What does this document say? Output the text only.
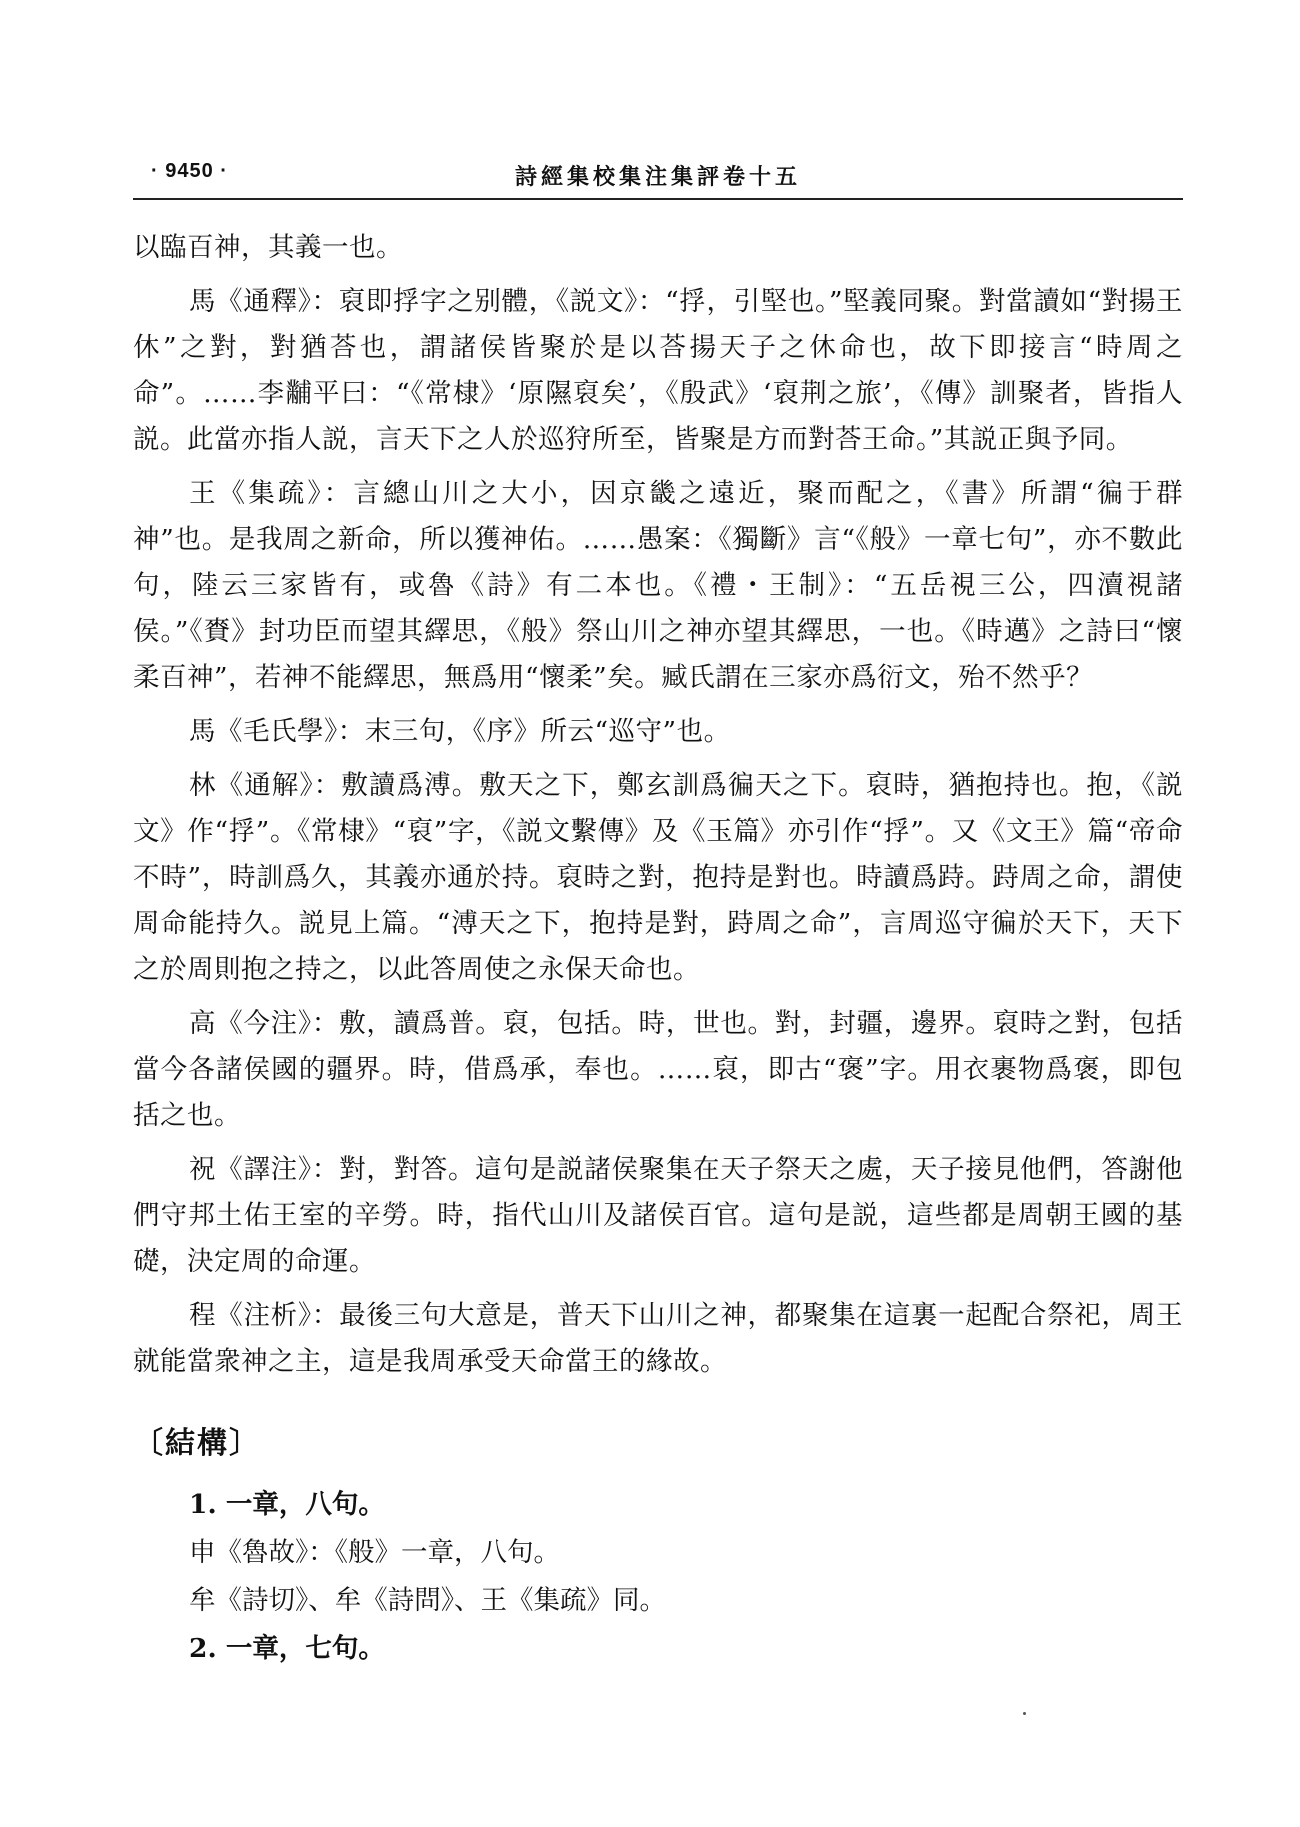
· 9450 ·	詩經集校集注集評卷十五

以臨百神，其義一也。

馬《通釋》：裒即捊字之别體，《説文》：“捊，引堅也。”堅義同聚。對當讀如“對揚王休”之對，對猶荅也，謂諸侯皆聚於是以荅揚天子之休命也，故下即接言“時周之命”。……李黼平曰：“《常棣》‘原隰裒矣’，《殷武》‘裒荆之旅’，《傳》訓聚者，皆指人説。此當亦指人説，言天下之人於巡狩所至，皆聚是方而對荅王命。”其説正與予同。

王《集疏》：言總山川之大小，因京畿之遠近，聚而配之，《書》所謂“徧于群神”也。是我周之新命，所以獲神佑。……愚案：《獨斷》言“《般》一章七句”，亦不數此句，陸云三家皆有，或魯《詩》有二本也。《禮・王制》：“五岳視三公，四瀆視諸侯。”《賚》封功臣而望其繹思，《般》祭山川之神亦望其繹思，一也。《時邁》之詩曰“懷柔百神”，若神不能繹思，無爲用“懷柔”矣。臧氏謂在三家亦爲衍文，殆不然乎？

馬《毛氏學》：末三句，《序》所云“巡守”也。

林《通解》：敷讀爲溥。敷天之下，鄭玄訓爲徧天之下。裒時，猶抱持也。抱，《説文》作“捊”。《常棣》“裒”字，《説文繫傳》及《玉篇》亦引作“捊”。又《文王》篇“帝命不時”，時訓爲久，其義亦通於持。裒時之對，抱持是對也。時讀爲跱。跱周之命，謂使周命能持久。説見上篇。“溥天之下，抱持是對，跱周之命”，言周巡守徧於天下，天下之於周則抱之持之，以此答周使之永保天命也。

高《今注》：敷，讀爲普。裒，包括。時，世也。對，封疆，邊界。裒時之對，包括當今各諸侯國的疆界。時，借爲承，奉也。……裒，即古“褒”字。用衣裹物爲褒，即包括之也。

祝《譯注》：對，對答。這句是説諸侯聚集在天子祭天之處，天子接見他們，答謝他們守邦土佑王室的辛勞。時，指代山川及諸侯百官。這句是説，這些都是周朝王國的基礎，決定周的命運。

程《注析》：最後三句大意是，普天下山川之神，都聚集在這裏一起配合祭祀，周王就能當衆神之主，這是我周承受天命當王的緣故。

〔結構〕

1. 一章，八句。

申《魯故》：《般》一章，八句。

牟《詩切》、牟《詩問》、王《集疏》同。

2. 一章，七句。
